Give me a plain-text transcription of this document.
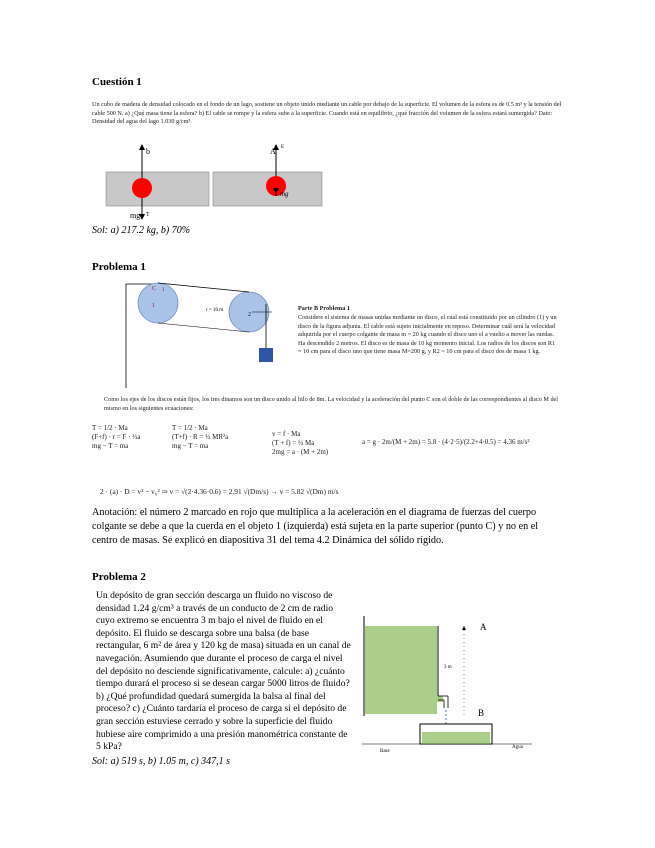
Cuestión 1
Un cubo de madera de densidad colocado en el fondo de un lago, sostiene un objeto unido mediante un cable por debajo de la superficie. El volumen de la esfera es de 0.5 m³ y la tensión del cable 500 N. a) ¿Qué masa tiene la esfera? b) El cable se rompe y la esfera sube a la superficie. Cuando está en equilibrio, ¿qué fracción del volumen de la esfera estará sumergida? Dato: Densidad del agua del lago 1.030 g/cm³.
b
mg T
A E
mg
Sol: a) 217.2 kg, b) 70%
Problema 1
C 1
1
2
r = 10 m	Parte B Problema 1
Considere el sistema de masas unidas mediante un disco, el cual está constituido por un cilindro (1) y un disco de la figura adjunta. El cable está sujeto inicialmente en reposo. Determinar cuál será la velocidad adquirida por el cuerpo colgante de masa m = 20 kg cuando el disco uno el a vuelto a mover las ruedas. Ha descendido 2 metros. El disco es de masa de 10 kg momento inicial. Los radios de los discos son R1 = 10 cm para el disco uno que tiene masa M=200 g, y R2 = 10 cm para el disco dos de masa 1 kg.
Como los ejes de los discos están fijos, los tres dinamos son un disco unido al hilo de 8m. La velocidad y la aceleración del punto C son el doble de las correspondientes al disco M del mismo en los siguientes ecuaciones:
T = 1/2 · Ma
(F+f) · r = F · ½a
mg − T = ma
T = 1/2 · Ma
(T+f) · R = ½ MR²a
mg − T = ma
v = f · Ma
(T + f) = ½ Ma
2mg = a · (M + 2m)
a = g · 2m/(M + 2m) = 5.8 · (4·2·5)/(2.2+4·0.5) = 4.36 m/s²
2 · (a) · D = v² − v₀² ⇒ v = √(2·4.36·0.6) = 2.91 √(Dm/s) → v = 5.82 √(Dm) m/s
Anotación: el número 2 marcado en rojo que multiplica a la aceleración en el diagrama de fuerzas del cuerpo colgante se debe a que la cuerda en el objeto 1 (izquierda) está sujeta en la parte superior (punto C) y no en el centro de masas. Se explicó en diapositiva 31 del tema 4.2 Dinámica del sólido rígido.
Problema 2
Un depósito de gran sección descarga un fluido no viscoso de densidad 1.24 g/cm³ a través de un conducto de 2 cm de radio cuyo extremo se encuentra 3 m bajo el nivel de fluido en el depósito. El fluido se descarga sobre una balsa (de base rectangular, 6 m² de área y 120 kg de masa) situada en un canal de navegación. Asumiendo que durante el proceso de carga el nivel del depósito no desciende significativamente, calcule: a) ¿cuánto tiempo durará el proceso si se desean cargar 5000 litros de fluido? b) ¿Qué profundidad quedará sumergida la balsa al final del proceso? c) ¿Cuánto tardaría el proceso de carga si el depósito de gran sección estuviese cerrado y sobre la superficie del fluido hubiese aire comprimido a una presión manométrica constante de 5 kPa?
A
B
3 m
Base
Agua
Sol: a) 519 s, b) 1.05 m, c) 347,1 s
